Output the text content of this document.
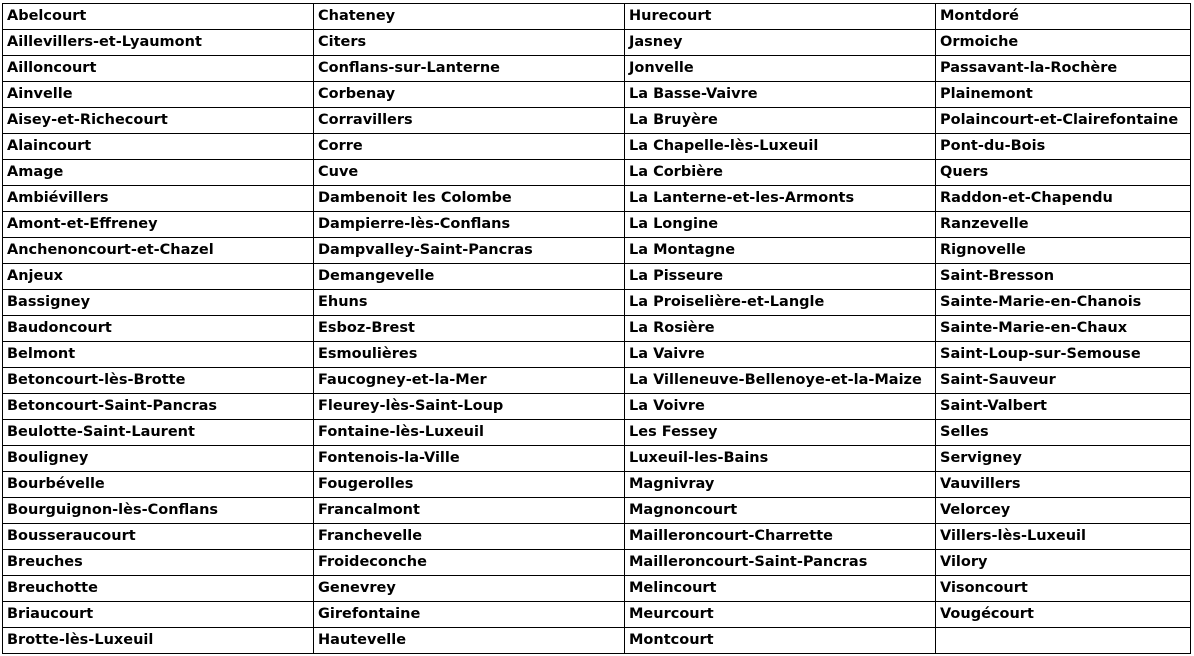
Abelcourt	Chateney	Hurecourt	Montdoré
Aillevillers-et-Lyaumont	Citers	Jasney	Ormoiche
Ailloncourt	Conflans-sur-Lanterne	Jonvelle	Passavant-la-Rochère
Ainvelle	Corbenay	La Basse-Vaivre	Plainemont
Aisey-et-Richecourt	Corravillers	La Bruyère	Polaincourt-et-Clairefontaine
Alaincourt	Corre	La Chapelle-lès-Luxeuil	Pont-du-Bois
Amage	Cuve	La Corbière	Quers
Ambiévillers	Dambenoit les Colombe	La Lanterne-et-les-Armonts	Raddon-et-Chapendu
Amont-et-Effreney	Dampierre-lès-Conflans	La Longine	Ranzevelle
Anchenoncourt-et-Chazel	Dampvalley-Saint-Pancras	La Montagne	Rignovelle
Anjeux	Demangevelle	La Pisseure	Saint-Bresson
Bassigney	Ehuns	La Proiselière-et-Langle	Sainte-Marie-en-Chanois
Baudoncourt	Esboz-Brest	La Rosière	Sainte-Marie-en-Chaux
Belmont	Esmoulières	La Vaivre	Saint-Loup-sur-Semouse
Betoncourt-lès-Brotte	Faucogney-et-la-Mer	La Villeneuve-Bellenoye-et-la-Maize	Saint-Sauveur
Betoncourt-Saint-Pancras	Fleurey-lès-Saint-Loup	La Voivre	Saint-Valbert
Beulotte-Saint-Laurent	Fontaine-lès-Luxeuil	Les Fessey	Selles
Bouligney	Fontenois-la-Ville	Luxeuil-les-Bains	Servigney
Bourbévelle	Fougerolles	Magnivray	Vauvillers
Bourguignon-lès-Conflans	Francalmont	Magnoncourt	Velorcey
Bousseraucourt	Franchevelle	Mailleroncourt-Charrette	Villers-lès-Luxeuil
Breuches	Froideconche	Mailleroncourt-Saint-Pancras	Vilory
Breuchotte	Genevrey	Melincourt	Visoncourt
Briaucourt	Girefontaine	Meurcourt	Vougécourt
Brotte-lès-Luxeuil	Hautevelle	Montcourt	
